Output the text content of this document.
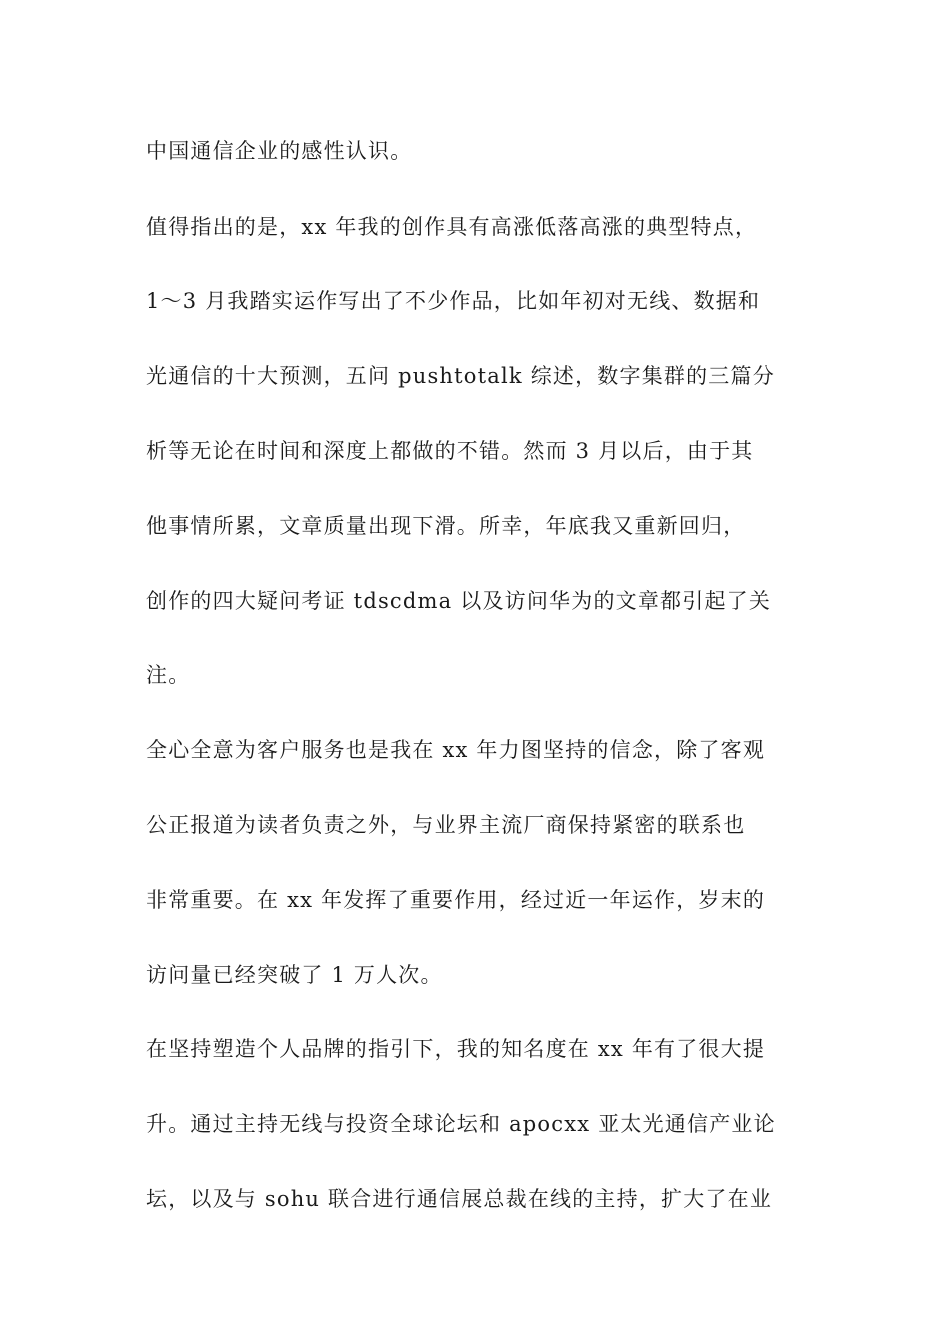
中国通信企业的感性认识。
值得指出的是，xx 年我的创作具有高涨低落高涨的典型特点，
1～3 月我踏实运作写出了不少作品，比如年初对无线、数据和
光通信的十大预测，五问 pushtotalk 综述，数字集群的三篇分
析等无论在时间和深度上都做的不错。然而 3 月以后，由于其
他事情所累，文章质量出现下滑。所幸，年底我又重新回归，
创作的四大疑问考证 tdscdma 以及访问华为的文章都引起了关
注。
全心全意为客户服务也是我在 xx 年力图坚持的信念，除了客观
公正报道为读者负责之外，与业界主流厂商保持紧密的联系也
非常重要。在 xx 年发挥了重要作用，经过近一年运作，岁末的
访问量已经突破了 1 万人次。
在坚持塑造个人品牌的指引下，我的知名度在 xx 年有了很大提
升。通过主持无线与投资全球论坛和 apocxx 亚太光通信产业论
坛，以及与 sohu 联合进行通信展总裁在线的主持，扩大了在业
